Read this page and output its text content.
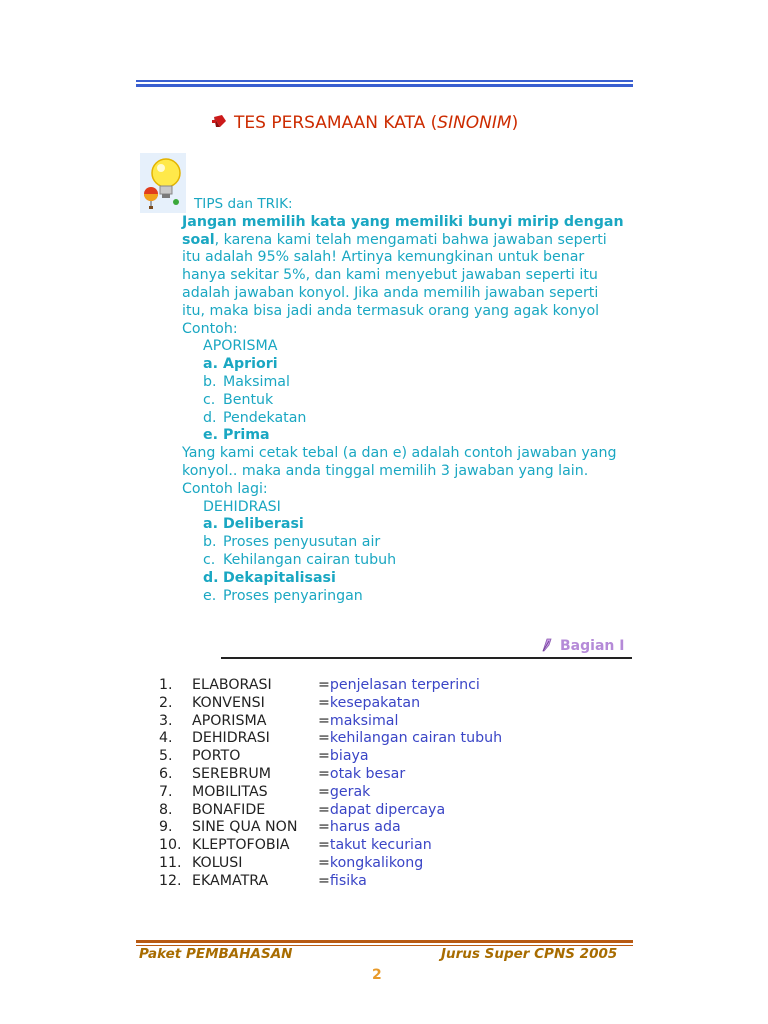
TES PERSAMAAN KATA (SINONIM)
TIPS dan TRIK:
Jangan memilih kata yang memiliki bunyi mirip dengan
soal, karena kami telah mengamati bahwa jawaban seperti
itu adalah 95% salah! Artinya kemungkinan untuk benar
hanya sekitar 5%, dan kami menyebut jawaban seperti itu
adalah jawaban konyol. Jika anda memilih jawaban seperti
itu, maka bisa jadi anda termasuk orang yang agak konyol
Contoh:
APORISMA
a. Apriori
b. Maksimal
c. Bentuk
d. Pendekatan
e. Prima
Yang kami cetak tebal (a dan e) adalah contoh jawaban yang
konyol.. maka anda tinggal memilih 3 jawaban yang lain.
Contoh lagi:
DEHIDRASI
a. Deliberasi
b. Proses penyusutan air
c. Kehilangan cairan tubuh
d. Dekapitalisasi
e. Proses penyaringan
Bagian I
1.	ELABORASI	= penjelasan terperinci
2.	KONVENSI	= kesepakatan
3.	APORISMA	= maksimal
4.	DEHIDRASI	= kehilangan cairan tubuh
5.	PORTO	= biaya
6.	SEREBRUM	= otak besar
7.	MOBILITAS	= gerak
8.	BONAFIDE	= dapat dipercaya
9.	SINE QUA NON	= harus ada
10. KLEPTOFOBIA	= takut kecurian
11. KOLUSI	= kongkalikong
12. EKAMATRA	= fisika
Paket PEMBAHASAN	Jurus Super CPNS 2005
2
